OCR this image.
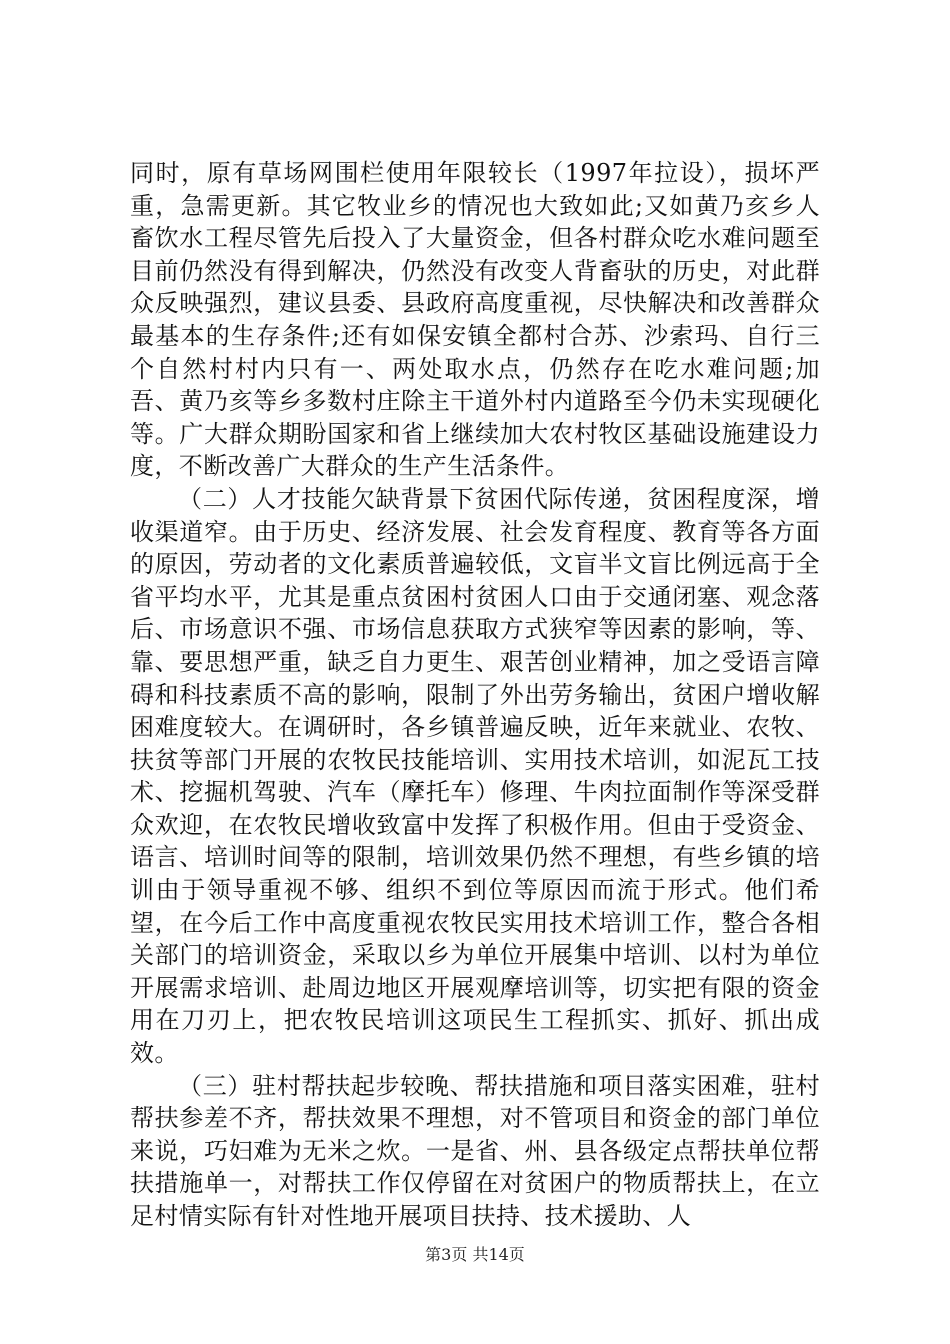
同时，原有草场网围栏使用年限较长（1997年拉设），损坏严重，急需更新。其它牧业乡的情况也大致如此;又如黄乃亥乡人畜饮水工程尽管先后投入了大量资金，但各村群众吃水难问题至目前仍然没有得到解决，仍然没有改变人背畜驮的历史，对此群众反映强烈，建议县委、县政府高度重视，尽快解决和改善群众最基本的生存条件;还有如保安镇全都村合苏、沙索玛、自行三个自然村村内只有一、两处取水点，仍然存在吃水难问题;加吾、黄乃亥等乡多数村庄除主干道外村内道路至今仍未实现硬化等。广大群众期盼国家和省上继续加大农村牧区基础设施建设力度，不断改善广大群众的生产生活条件。

（二）人才技能欠缺背景下贫困代际传递，贫困程度深，增收渠道窄。由于历史、经济发展、社会发育程度、教育等各方面的原因，劳动者的文化素质普遍较低，文盲半文盲比例远高于全省平均水平，尤其是重点贫困村贫困人口由于交通闭塞、观念落后、市场意识不强、市场信息获取方式狭窄等因素的影响，等、靠、要思想严重，缺乏自力更生、艰苦创业精神，加之受语言障碍和科技素质不高的影响，限制了外出劳务输出，贫困户增收解困难度较大。在调研时，各乡镇普遍反映，近年来就业、农牧、扶贫等部门开展的农牧民技能培训、实用技术培训，如泥瓦工技术、挖掘机驾驶、汽车（摩托车）修理、牛肉拉面制作等深受群众欢迎，在农牧民增收致富中发挥了积极作用。但由于受资金、语言、培训时间等的限制，培训效果仍然不理想，有些乡镇的培训由于领导重视不够、组织不到位等原因而流于形式。他们希望，在今后工作中高度重视农牧民实用技术培训工作，整合各相关部门的培训资金，采取以乡为单位开展集中培训、以村为单位开展需求培训、赴周边地区开展观摩培训等，切实把有限的资金用在刀刃上，把农牧民培训这项民生工程抓实、抓好、抓出成效。

（三）驻村帮扶起步较晚、帮扶措施和项目落实困难，驻村帮扶参差不齐，帮扶效果不理想，对不管项目和资金的部门单位来说，巧妇难为无米之炊。一是省、州、县各级定点帮扶单位帮扶措施单一，对帮扶工作仅停留在对贫困户的物质帮扶上，在立足村情实际有针对性地开展项目扶持、技术援助、人

第3页 共14页
